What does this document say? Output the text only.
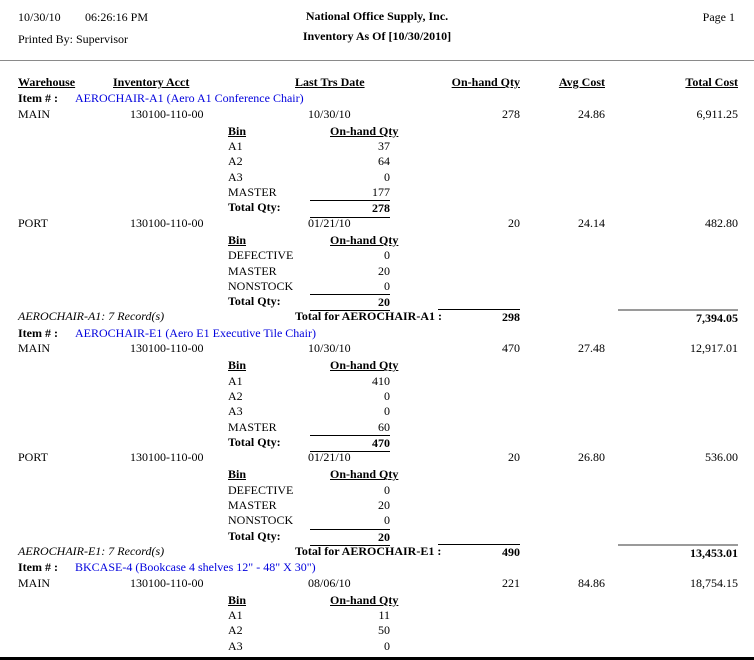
10/30/10 06:26:16 PM	National Office Supply, Inc.	Page 1
Printed By: Supervisor	Inventory As Of [10/30/2010]
Warehouse	Inventory Acct	Last Trs Date	On-hand Qty	Avg Cost	Total Cost
Item # : AEROCHAIR-A1 (Aero A1 Conference Chair)
MAIN	130100-110-00	10/30/10	278	24.86	6,911.25
Bin	On-hand Qty
A1	37
A2	64
A3	0
MASTER	177
Total Qty:	278
PORT	130100-110-00	01/21/10	20	24.14	482.80
Bin	On-hand Qty
DEFECTIVE	0
MASTER	20
NONSTOCK	0
Total Qty:	20
AEROCHAIR-A1: 7 Record(s)	Total for AEROCHAIR-A1 :	298	7,394.05
Item # : AEROCHAIR-E1 (Aero E1 Executive Tile Chair)
MAIN	130100-110-00	10/30/10	470	27.48	12,917.01
Bin	On-hand Qty
A1	410
A2	0
A3	0
MASTER	60
Total Qty:	470
PORT	130100-110-00	01/21/10	20	26.80	536.00
Bin	On-hand Qty
DEFECTIVE	0
MASTER	20
NONSTOCK	0
Total Qty:	20
AEROCHAIR-E1: 7 Record(s)	Total for AEROCHAIR-E1 :	490	13,453.01
Item # : BKCASE-4 (Bookcase 4 shelves 12" - 48" X 30")
MAIN	130100-110-00	08/06/10	221	84.86	18,754.15
Bin	On-hand Qty
A1	11
A2	50
A3	0
